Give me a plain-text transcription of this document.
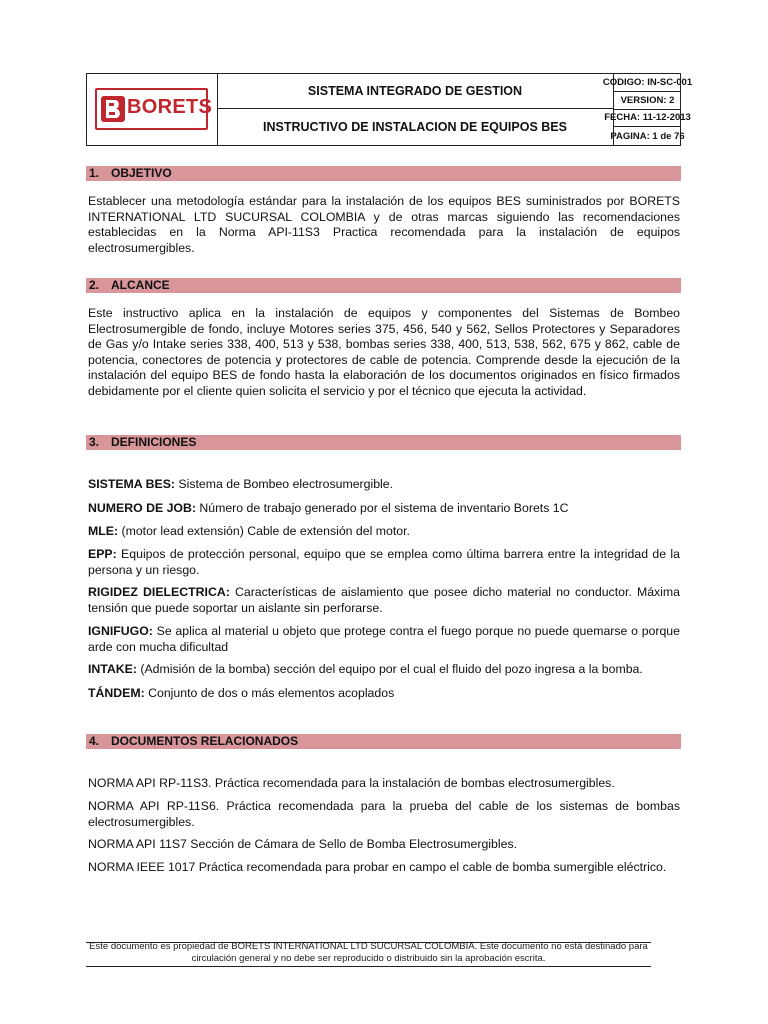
BORETS
SISTEMA INTEGRADO DE GESTION
INSTRUCTIVO DE INSTALACION DE EQUIPOS BES
CODIGO: IN-SC-001
VERSION: 2
FECHA: 11-12-2013
PAGINA: 1 de 76
1. OBJETIVO
Establecer una metodología estándar para la instalación de los equipos BES suministrados por BORETS INTERNATIONAL LTD SUCURSAL COLOMBIA y de otras marcas siguiendo las recomendaciones establecidas en la Norma API-11S3 Practica recomendada para la instalación de equipos electrosumergibles.
2. ALCANCE
Este instructivo aplica en la instalación de equipos y componentes del Sistemas de Bombeo Electrosumergible de fondo, incluye Motores series 375, 456, 540 y 562, Sellos Protectores y Separadores de Gas y/o Intake series 338, 400, 513 y 538, bombas series 338, 400, 513, 538, 562, 675 y 862, cable de potencia, conectores de potencia y protectores de cable de potencia. Comprende desde la ejecución de la instalación del equipo BES de fondo hasta la elaboración de los documentos originados en físico firmados debidamente por el cliente quien solicita el servicio y por el técnico que ejecuta la actividad.
3. DEFINICIONES
SISTEMA BES: Sistema de Bombeo electrosumergible.
NUMERO DE JOB: Número de trabajo generado por el sistema de inventario Borets 1C
MLE: (motor lead extensión) Cable de extensión del motor.
EPP: Equipos de protección personal, equipo que se emplea como última barrera entre la integridad de la persona y un riesgo.
RIGIDEZ DIELECTRICA: Características de aislamiento que posee dicho material no conductor. Máxima tensión que puede soportar un aislante sin perforarse.
IGNIFUGO: Se aplica al material u objeto que protege contra el fuego porque no puede quemarse o porque arde con mucha dificultad
INTAKE: (Admisión de la bomba) sección del equipo por el cual el fluido del pozo ingresa a la bomba.
TÁNDEM: Conjunto de dos o más elementos acoplados
4. DOCUMENTOS RELACIONADOS
NORMA API RP-11S3. Práctica recomendada para la instalación de bombas electrosumergibles.
NORMA API RP-11S6. Práctica recomendada para la prueba del cable de los sistemas de bombas electrosumergibles.
NORMA API 11S7 Sección de Cámara de Sello de Bomba Electrosumergibles.
NORMA IEEE 1017 Práctica recomendada para probar en campo el cable de bomba sumergible eléctrico.
Este documento es propiedad de BORETS INTERNATIONAL LTD SUCURSAL COLOMBIA. Este documento no está destinado para circulación general y no debe ser reproducido o distribuido sin la aprobación escrita.
